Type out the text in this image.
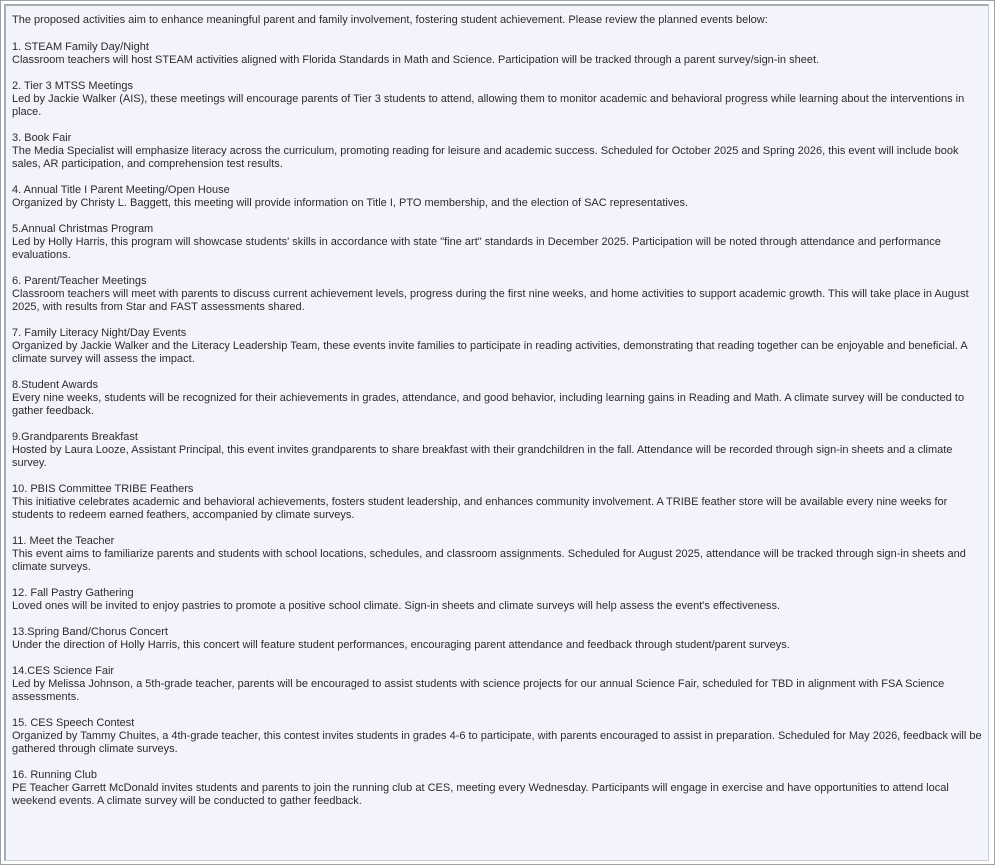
The proposed activities aim to enhance meaningful parent and family involvement, fostering student achievement. Please review the planned events below:
1. STEAM Family Day/Night
Classroom teachers will host STEAM activities aligned with Florida Standards in Math and Science. Participation will be tracked through a parent survey/sign-in sheet.
2. Tier 3 MTSS Meetings
Led by Jackie Walker (AIS), these meetings will encourage parents of Tier 3 students to attend, allowing them to monitor academic and behavioral progress while learning about the interventions in place.
3. Book Fair
The Media Specialist will emphasize literacy across the curriculum, promoting reading for leisure and academic success. Scheduled for October 2025 and Spring 2026, this event will include book sales, AR participation, and comprehension test results.
4. Annual Title I Parent Meeting/Open House
Organized by Christy L. Baggett, this meeting will provide information on Title I, PTO membership, and the election of SAC representatives.
5.Annual Christmas Program
Led by Holly Harris, this program will showcase students' skills in accordance with state "fine art" standards in December 2025. Participation will be noted through attendance and performance evaluations.
6. Parent/Teacher Meetings
Classroom teachers will meet with parents to discuss current achievement levels, progress during the first nine weeks, and home activities to support academic growth. This will take place in August 2025, with results from Star and FAST assessments shared.
7. Family Literacy Night/Day Events
Organized by Jackie Walker and the Literacy Leadership Team, these events invite families to participate in reading activities, demonstrating that reading together can be enjoyable and beneficial. A climate survey will assess the impact.
8.Student Awards
Every nine weeks, students will be recognized for their achievements in grades, attendance, and good behavior, including learning gains in Reading and Math. A climate survey will be conducted to gather feedback.
9.Grandparents Breakfast
Hosted by Laura Looze, Assistant Principal, this event invites grandparents to share breakfast with their grandchildren in the fall. Attendance will be recorded through sign-in sheets and a climate survey.
10. PBIS Committee TRIBE Feathers
This initiative celebrates academic and behavioral achievements, fosters student leadership, and enhances community involvement. A TRIBE feather store will be available every nine weeks for students to redeem earned feathers, accompanied by climate surveys.
11. Meet the Teacher
This event aims to familiarize parents and students with school locations, schedules, and classroom assignments. Scheduled for August 2025, attendance will be tracked through sign-in sheets and climate surveys.
12. Fall Pastry Gathering
Loved ones will be invited to enjoy pastries to promote a positive school climate. Sign-in sheets and climate surveys will help assess the event's effectiveness.
13.Spring Band/Chorus Concert
Under the direction of Holly Harris, this concert will feature student performances, encouraging parent attendance and feedback through student/parent surveys.
14.CES Science Fair
Led by Melissa Johnson, a 5th-grade teacher, parents will be encouraged to assist students with science projects for our annual Science Fair, scheduled for TBD in alignment with FSA Science assessments.
15. CES Speech Contest
Organized by Tammy Chuites, a 4th-grade teacher, this contest invites students in grades 4-6 to participate, with parents encouraged to assist in preparation. Scheduled for May 2026, feedback will be gathered through climate surveys.
16. Running Club
PE Teacher Garrett McDonald invites students and parents to join the running club at CES, meeting every Wednesday. Participants will engage in exercise and have opportunities to attend local weekend events. A climate survey will be conducted to gather feedback.
